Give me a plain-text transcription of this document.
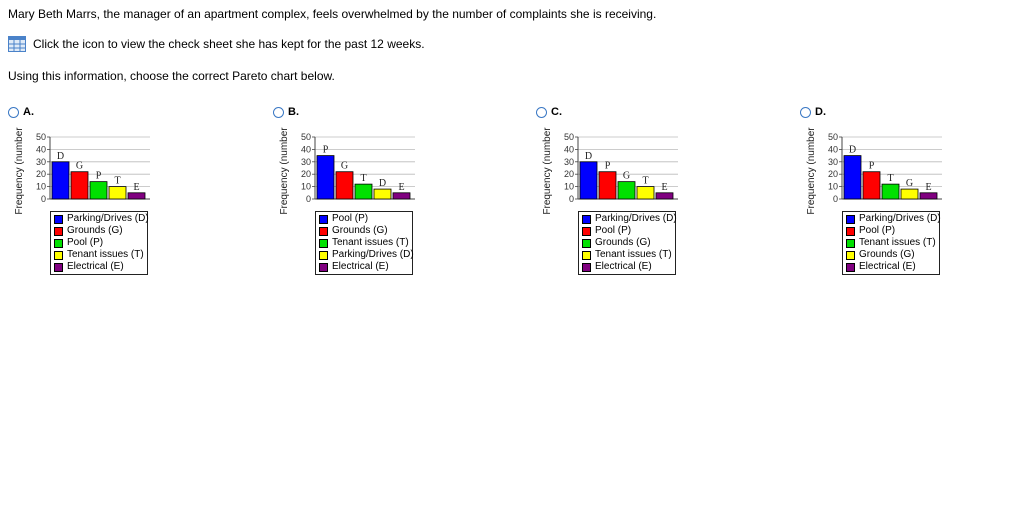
Mary Beth Marrs, the manager of an apartment complex, feels overwhelmed by the number of complaints she is receiving.
Click the icon to view the check sheet she has kept for the past 12 weeks.
Using this information, choose the correct Pareto chart below.
A.
Frequency (number 0
10
20
30
40
50
D
G
P T
E
Parking/Drives (D)
Grounds (G)
Pool (P)
Tenant issues (T)
Electrical (E)
B.
Frequency (number 0
10
20
30
40
50
P
G
T D E
Pool (P)
Grounds (G)
Tenant issues (T)
Parking/Drives (D)
Electrical (E)
C.
Frequency (number 0
10
20
30
40
50
D
P
G T
E
Parking/Drives (D)
Pool (P)
Grounds (G)
Tenant issues (T)
Electrical (E)
D.
Frequency (number 0
10
20
30
40
50
D
P
T G E
Parking/Drives (D)
Pool (P)
Tenant issues (T)
Grounds (G)
Electrical (E)
